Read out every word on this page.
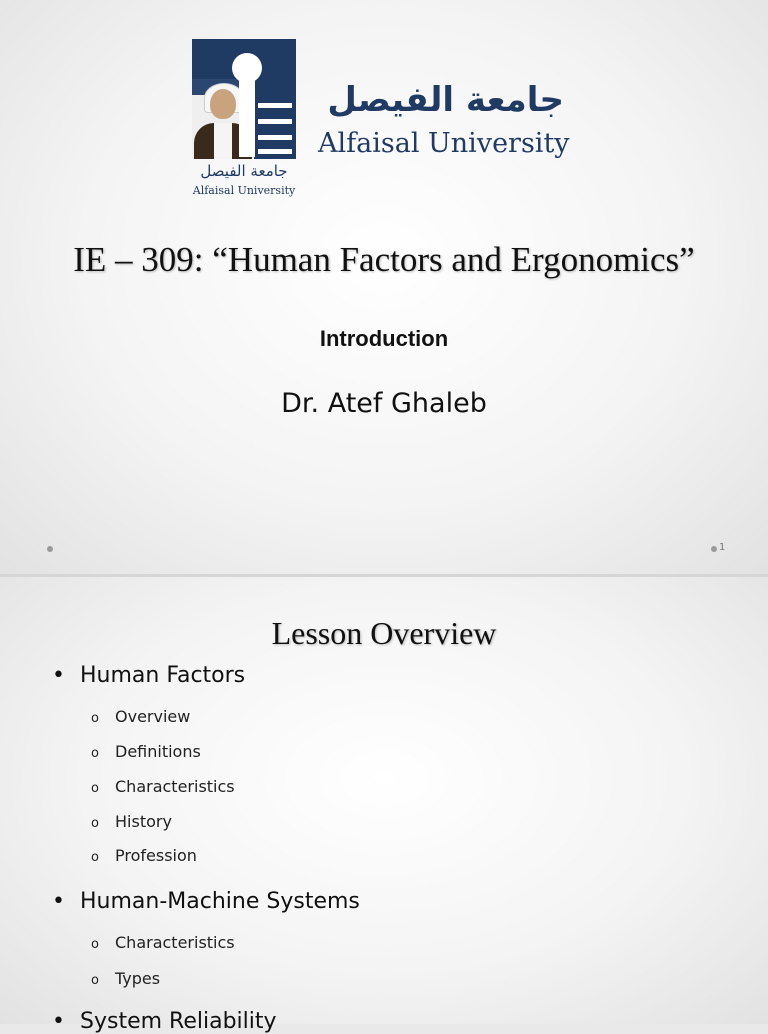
جامعة الفيصل
Alfaisal University
جامعة الفيصل
Alfaisal University
IE – 309: “Human Factors and Ergonomics”
Introduction
Dr. Atef Ghaleb
1
Lesson Overview
• Human Factors
o Overview
o Definitions
o Characteristics
o History
o Profession
• Human-Machine Systems
o Characteristics
o Types
• System Reliability
